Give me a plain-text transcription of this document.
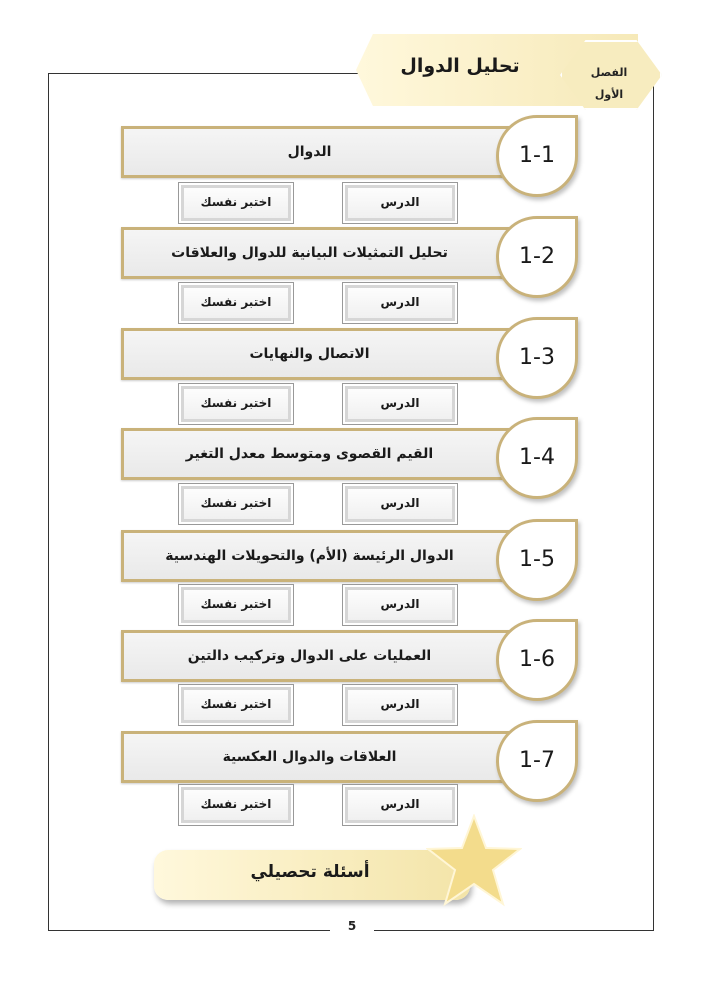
5
تحليل الدوال	الفصل
الأول
الدوال	1-1
الدرس
اختبر نفسك
تحليل التمثيلات البيانية للدوال والعلاقات	1-2
الدرس
اختبر نفسك
الاتصال والنهايات	1-3
الدرس
اختبر نفسك
القيم القصوى ومتوسط معدل التغير	1-4
الدرس
اختبر نفسك
الدوال الرئيسة (الأم) والتحويلات الهندسية	1-5
الدرس
اختبر نفسك
العمليات على الدوال وتركيب دالتين	1-6
الدرس
اختبر نفسك
العلاقات والدوال العكسية	1-7
الدرس
اختبر نفسك
أسئلة تحصيلي
